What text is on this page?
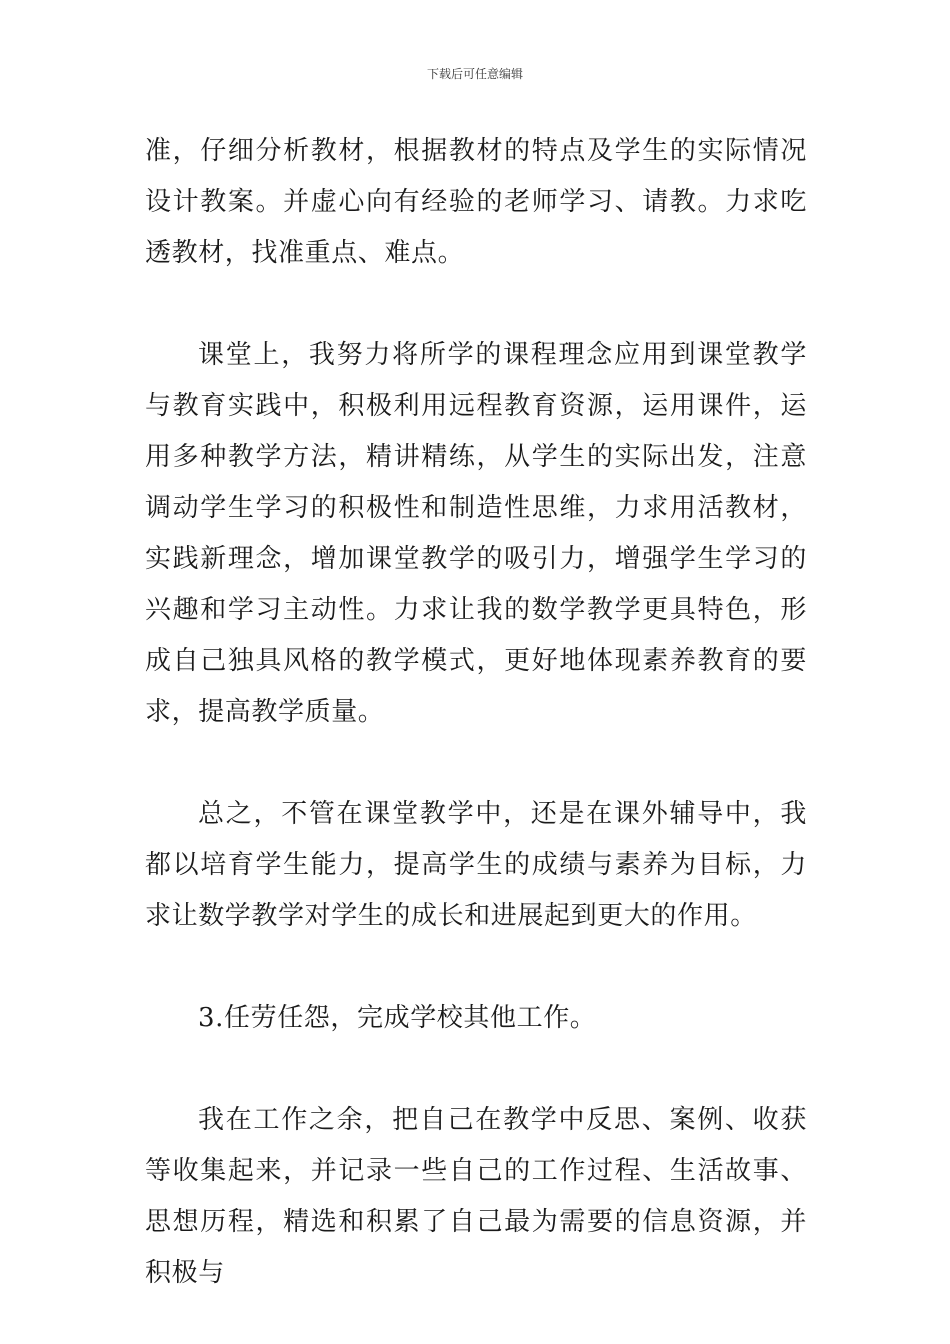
下载后可任意编辑

准，仔细分析教材，根据教材的特点及学生的实际情况设计教案。并虚心向有经验的老师学习、请教。力求吃透教材，找准重点、难点。

课堂上，我努力将所学的课程理念应用到课堂教学与教育实践中，积极利用远程教育资源，运用课件，运用多种教学方法，精讲精练，从学生的实际出发，注意调动学生学习的积极性和制造性思维，力求用活教材，实践新理念，增加课堂教学的吸引力，增强学生学习的兴趣和学习主动性。力求让我的数学教学更具特色，形成自己独具风格的教学模式，更好地体现素养教育的要求，提高教学质量。

总之，不管在课堂教学中，还是在课外辅导中，我都以培育学生能力，提高学生的成绩与素养为目标，力求让数学教学对学生的成长和进展起到更大的作用。

3.任劳任怨，完成学校其他工作。

我在工作之余，把自己在教学中反思、案例、收获等收集起来，并记录一些自己的工作过程、生活故事、思想历程，精选和积累了自己最为需要的信息资源，并积极与
